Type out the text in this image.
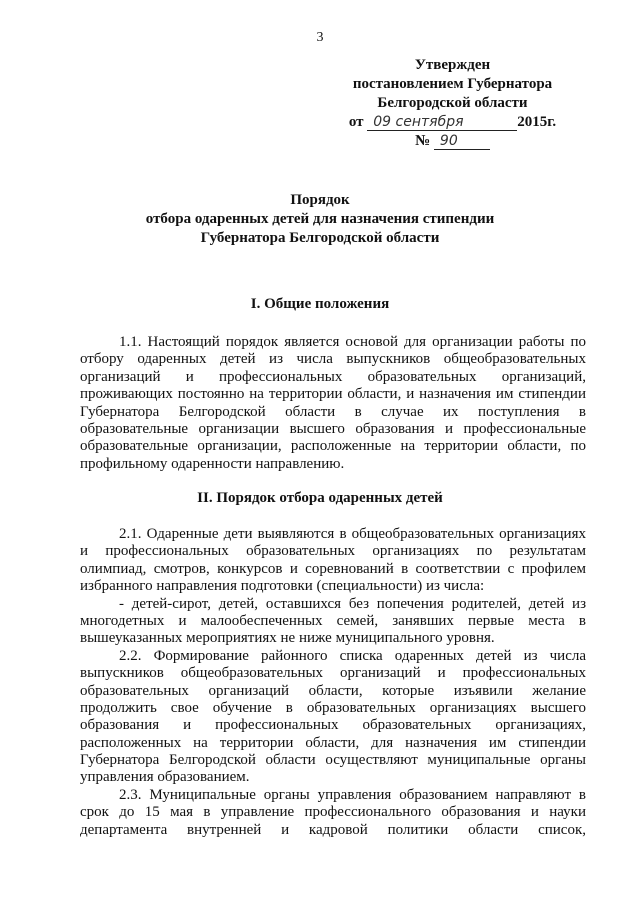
3
Утвержден
постановлением Губернатора
Белгородской области
от 09 сентября	2015г.
№ 90
Порядок
отбора одаренных детей для назначения стипендии
Губернатора Белгородской области
I. Общие положения
1.1. Настоящий порядок является основой для организации работы по
отбору одаренных детей из числа выпускников общеобразовательных
организаций и профессиональных образовательных организаций,
проживающих постоянно на территории области, и назначения им стипендии
Губернатора Белгородской области в случае их поступления в
образовательные организации высшего образования и профессиональные
образовательные организации, расположенные на территории области, по
профильному одаренности направлению.
II. Порядок отбора одаренных детей
2.1. Одаренные дети выявляются в общеобразовательных организациях
и профессиональных образовательных организациях по результатам
олимпиад, смотров, конкурсов и соревнований в соответствии с профилем
избранного направления подготовки (специальности) из числа:
- детей-сирот, детей, оставшихся без попечения родителей, детей из
многодетных и малообеспеченных семей, занявших первые места в
вышеуказанных мероприятиях не ниже муниципального уровня.
2.2. Формирование районного списка одаренных детей из числа
выпускников общеобразовательных организаций и профессиональных
образовательных организаций области, которые изъявили желание
продолжить свое обучение в образовательных организациях высшего
образования и профессиональных образовательных организациях,
расположенных на территории области, для назначения им стипендии
Губернатора Белгородской области осуществляют муниципальные органы
управления образованием.
2.3. Муниципальные органы управления образованием направляют в
срок до 15 мая в управление профессионального образования и науки
департамента внутренней и кадровой политики области список,
